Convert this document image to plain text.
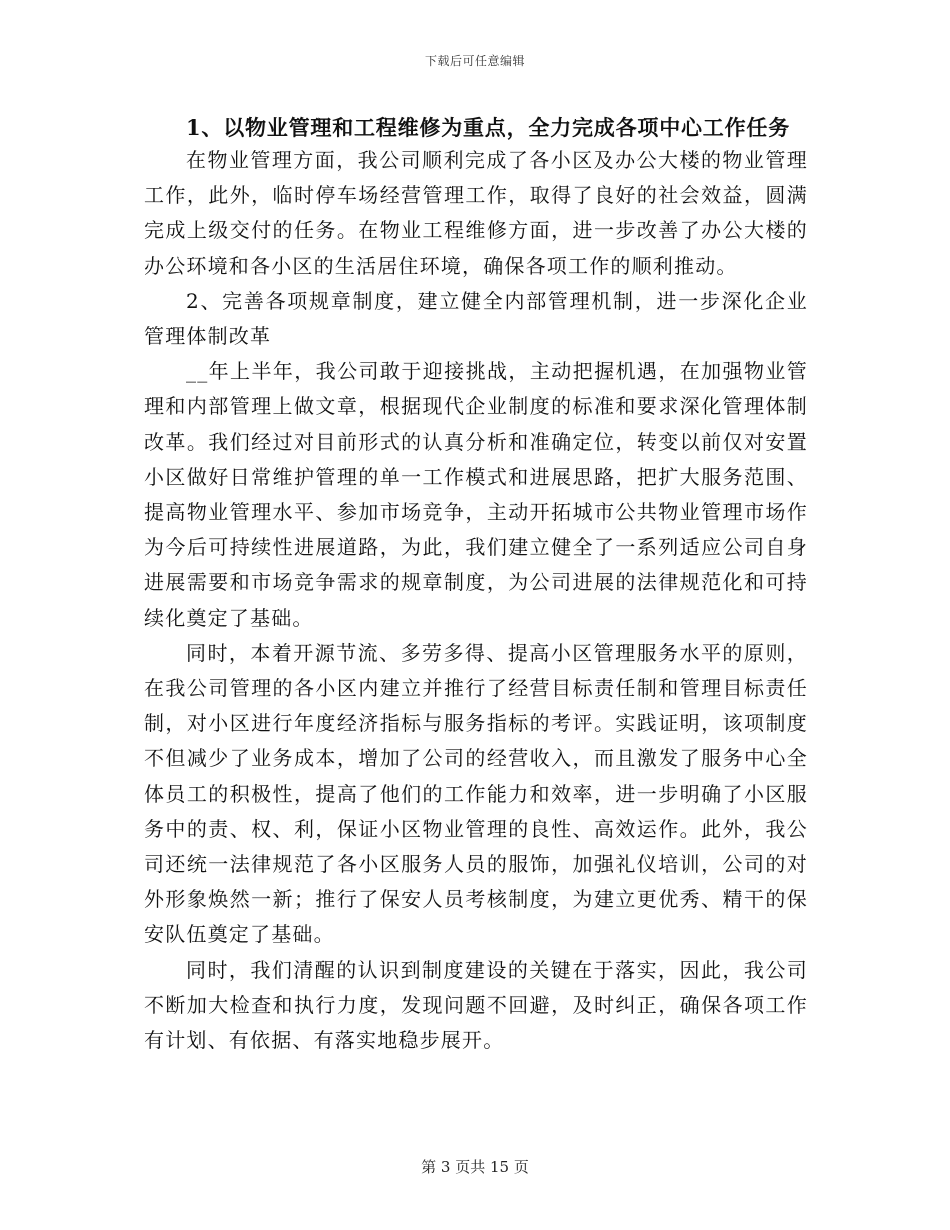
下载后可任意编辑

1、以物业管理和工程维修为重点，全力完成各项中心工作任务

在物业管理方面，我公司顺利完成了各小区及办公大楼的物业管理工作，此外，临时停车场经营管理工作，取得了良好的社会效益，圆满完成上级交付的任务。在物业工程维修方面，进一步改善了办公大楼的办公环境和各小区的生活居住环境，确保各项工作的顺利推动。

2、完善各项规章制度，建立健全内部管理机制，进一步深化企业管理体制改革

__年上半年，我公司敢于迎接挑战，主动把握机遇，在加强物业管理和内部管理上做文章，根据现代企业制度的标准和要求深化管理体制改革。我们经过对目前形式的认真分析和准确定位，转变以前仅对安置小区做好日常维护管理的单一工作模式和进展思路，把扩大服务范围、提高物业管理水平、参加市场竞争，主动开拓城市公共物业管理市场作为今后可持续性进展道路，为此，我们建立健全了一系列适应公司自身进展需要和市场竞争需求的规章制度，为公司进展的法律规范化和可持续化奠定了基础。

同时，本着开源节流、多劳多得、提高小区管理服务水平的原则，在我公司管理的各小区内建立并推行了经营目标责任制和管理目标责任制，对小区进行年度经济指标与服务指标的考评。实践证明，该项制度不但减少了业务成本，增加了公司的经营收入，而且激发了服务中心全体员工的积极性，提高了他们的工作能力和效率，进一步明确了小区服务中的责、权、利，保证小区物业管理的良性、高效运作。此外，我公司还统一法律规范了各小区服务人员的服饰，加强礼仪培训，公司的对外形象焕然一新；推行了保安人员考核制度，为建立更优秀、精干的保安队伍奠定了基础。

同时，我们清醒的认识到制度建设的关键在于落实，因此，我公司不断加大检查和执行力度，发现问题不回避，及时纠正，确保各项工作有计划、有依据、有落实地稳步展开。

第 3 页共 15 页
